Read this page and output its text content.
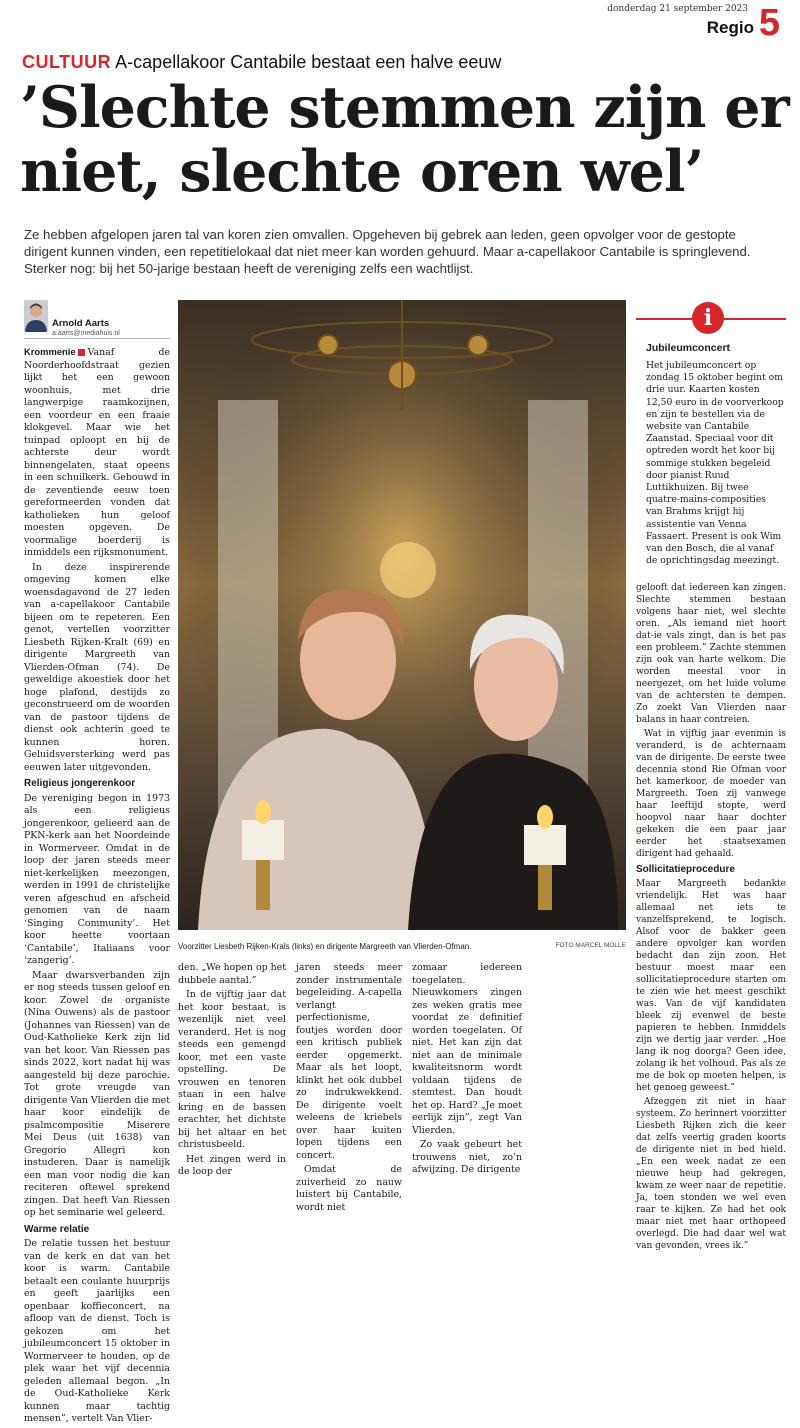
donderdag 21 september 2023
Regio 5
CULTUUR A-capellakoor Cantabile bestaat een halve eeuw
’Slechte stemmen zijn er niet, slechte oren wel’
Ze hebben afgelopen jaren tal van koren zien omvallen. Opgeheven bij gebrek aan leden, geen opvolger voor de gestopte dirigent kunnen vinden, een repetitielokaal dat niet meer kan worden gehuurd. Maar a-capellakoor Cantabile is springlevend. Sterker nog: bij het 50-jarige bestaan heeft de vereniging zelfs een wachtlijst.
Arnold Aarts
a.aarts@mediahuis.nl

Krommenie Vanaf de Noorderhoofdstraat gezien lijkt het een gewoon woonhuis, met drie langwerpige raamkozijnen, een voordeur en een fraaie klokgevel. Maar wie het tuinpad oploopt en bij de achterste deur wordt binnengelaten, staat opeens in een schuilkerk. Gebouwd in de zeventiende eeuw toen gereformeerden vonden dat katholieken hun geloof moesten opgeven. De voormalige boerderij is inmiddels een rijksmonument.

In deze inspirerende omgeving komen elke woensdagavond de 27 leden van a-capellakoor Cantabile bijeen om te repeteren. Een genot, vertellen voorzitter Liesbeth Rijken-Kralt (69) en dirigente Margreeth van Vlierden-Ofman (74). De geweldige akoestiek door het hoge plafond, destijds zo geconstrueerd om de woorden van de pastoor tijdens de dienst ook achterin goed te kunnen horen. Geluidsversterking werd pas eeuwen later uitgevonden.

Religieus jongerenkoor

De vereniging begon in 1973 als een religieus jongerenkoor, gelieerd aan de PKN-kerk aan het Noordeinde in Wormerveer. Omdat in de loop der jaren steeds meer niet-kerkelijken meezongen, werden in 1991 de christelijke veren afgeschud en afscheid genomen van de naam ‘Singing Community’. Het koor heette voortaan ‘Cantabile’, Italiaans voor ‘zangerig’.

Maar dwarsverbanden zijn er nog steeds tussen geloof en koor. Zowel de organiste (Nina Ouwens) als de pastoor (Johannes van Riessen) van de Oud-Katholieke Kerk zijn lid van het koor. Van Riessen pas sinds 2022, kort nadat hij was aangesteld bij deze parochie. Tot grote vreugde van dirigente Van Vlierden die met haar koor eindelijk de psalmcompositie Miserere Mei Deus (uit 1638) van Gregorio Allegri kon instuderen. Daar is namelijk een man voor nodig die kan reciteren oftewel sprekend zingen. Dat heeft Van Riessen op het seminarie wel geleerd.

Warme relatie

De relatie tussen het bestuur van de kerk en dat van het koor is warm. Cantabile betaalt een coulante huurprijs en geeft jaarlijks een openbaar koffieconcert, na afloop van de dienst. Toch is gekozen om het jubileumconcert 15 oktober in Wormerveer te houden, op de plek waar het vijf decennia geleden allemaal begon. „In de Oud-Katholieke Kerk kunnen maar tachtig mensen”, vertelt Van Vlier-

Voorzitter Liesbeth Rijken-Krals (links) en dirigente Margreeth van Vlierden-Ofman.	FOTO MARCEL MOLLE

den. „We hopen op het dubbele aantal.”

In de vijftig jaar dat het koor bestaat, is wezenlijk niet veel veranderd. Het is nog steeds een gemengd koor, met een vaste opstelling. De vrouwen en tenoren staan in een halve kring en de bassen erachter, het dichtste bij het altaar en het christusbeeld.

Het zingen werd in de loop der

jaren steeds meer zonder instrumentale begeleiding. A-capella verlangt perfectionisme, foutjes worden door een kritisch publiek eerder opgemerkt. Maar als het loopt, klinkt het ook dubbel zo indrukwekkend. De dirigente voelt weleens de kriebels over haar kuiten lopen tijdens een concert.

Omdat de zuiverheid zo nauw luistert bij Cantabile, wordt niet

zomaar iedereen toegelaten. Nieuwkomers zingen zes weken gratis mee voordat ze definitief worden toegelaten. Of niet. Het kan zijn dat niet aan de minimale kwaliteitsnorm wordt voldaan tijdens de stemtest. Dan houdt het op. Hard? „Je moet eerlijk zijn”, zegt Van Vlierden.

Zo vaak gebeurt het trouwens niet, zo’n afwijzing. De dirigente

gelooft dat iedereen kan zingen. Slechte stemmen bestaan volgens haar niet, wel slechte oren. „Als iemand niet hoort dat-ie vals zingt, dan is het pas een probleem.” Zachte stemmen zijn ook van harte welkom. Die worden meestal voor in neergezet, om het luide volume van de achtersten te dempen. Zo zoekt Van Vlierden naar balans in haar contreien.

Wat in vijftig jaar evenmin is veranderd, is de achternaam van de dirigente. De eerste twee decennia stond Rie Ofman voor het kamerkoor, de moeder van Margreeth. Toen zij vanwege haar leeftijd stopte, werd hoopvol naar haar dochter gekeken die een paar jaar eerder het staatsexamen dirigent had gehaald.

Sollicitatieprocedure

Maar Margreeth bedankte vriendelijk. Het was haar allemaal net iets te vanzelfsprekend, te logisch. Alsof voor de bakker geen andere opvolger kan worden bedacht dan zijn zoon. Het bestuur moest maar een sollicitatieprocedure starten om te zien wie het meest geschikt was. Van de vijf kandidaten bleek zij evenwel de beste papieren te hebben. Inmiddels zijn we dertig jaar verder. „Hoe lang ik nog doorga? Geen idee, zolang ik het volhoud. Pas als ze me de bok op moeten helpen, is het genoeg geweest.”

Afzeggen zit niet in haar systeem. Zo herinnert voorzitter Liesbeth Rijken zich die keer dat zelfs veertig graden koorts de dirigente niet in bed hield. „En een week nadat ze een nieuwe heup had gekregen, kwam ze weer naar de repetitie. Ja, toen stonden we wel even raar te kijken. Ze had het ook maar niet met haar orthopeed overlegd. Die had daar wel wat van gevonden, vrees ik.”

i
Jubileumconcert
Het jubileumconcert op zondag 15 oktober begint om drie uur. Kaarten kosten 12,50 euro in de voorverkoop en zijn te bestellen via de website van Cantabile Zaanstad. Speciaal voor dit optreden wordt het koor bij sommige stukken begeleid door pianist Ruud Luttikhuizen. Bij twee quatre-mains-composities van Brahms krijgt hij assistentie van Venna Fassaert. Present is ook Wim van den Bosch, die al vanaf de oprichtingsdag meezingt.
